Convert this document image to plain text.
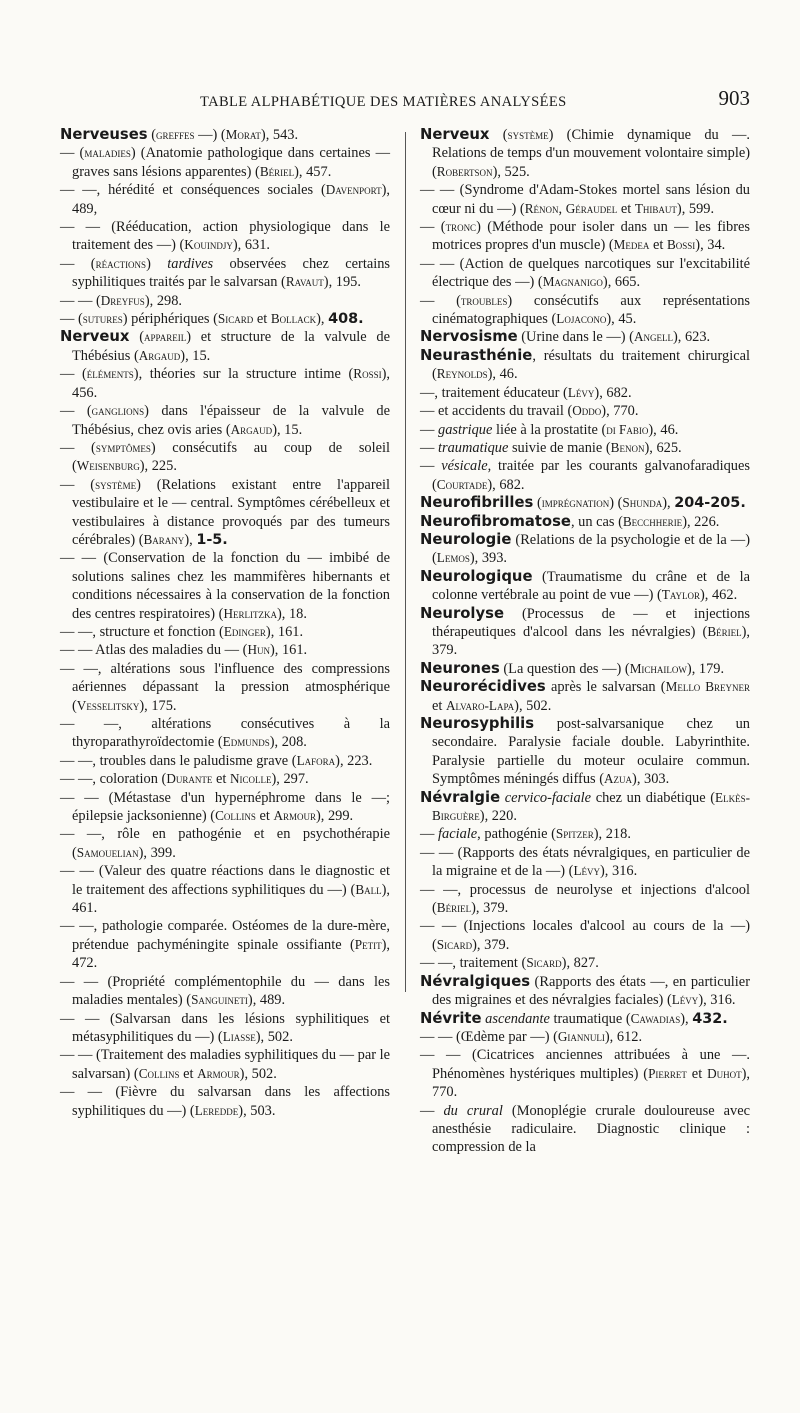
TABLE ALPHABÉTIQUE DES MATIÈRES ANALYSÉES	903
Nerveuses (greffes —) (Morat), 543.
— (maladies) (Anatomie pathologique dans certaines — graves sans lésions apparentes) (Bériel), 457.
— —, hérédité et conséquences sociales (Davenport), 489,
— — (Rééducation, action physiologique dans le traitement des —) (Kouindjy), 631.
— (réactions) tardives observées chez certains syphilitiques traités par le salvarsan (Ravaut), 195.
— — (Dreyfus), 298.
— (sutures) périphériques (Sicard et Bollack), 408.
Nerveux (appareil) et structure de la valvule de Thébésius (Argaud), 15.
— (éléments), théories sur la structure intime (Rossi), 456.
— (ganglions) dans l'épaisseur de la valvule de Thébésius, chez ovis aries (Argaud), 15.
— (symptômes) consécutifs au coup de soleil (Weisenburg), 225.
— (système) (Relations existant entre l'appareil vestibulaire et le — central. Symptômes cérébelleux et vestibulaires à distance provoqués par des tumeurs cérébrales) (Barany), 1-5.
— — (Conservation de la fonction du — imbibé de solutions salines chez les mammifères hibernants et conditions nécessaires à la conservation de la fonction des centres respiratoires) (Herlitzka), 18.
— —, structure et fonction (Edinger), 161.
— — Atlas des maladies du — (Hun), 161.
— —, altérations sous l'influence des compressions aériennes dépassant la pression atmosphérique (Vesselitsky), 175.
— —, altérations consécutives à la thyroparathyroïdectomie (Edmunds), 208.
— —, troubles dans le paludisme grave (Lafora), 223.
— —, coloration (Durante et Nicolle), 297.
— — (Métastase d'un hypernéphrome dans le —; épilepsie jacksonienne) (Collins et Armour), 299.
— —, rôle en pathogénie et en psychothérapie (Samouelian), 399.
— — (Valeur des quatre réactions dans le diagnostic et le traitement des affections syphilitiques du —) (Ball), 461.
— —, pathologie comparée. Ostéomes de la dure-mère, prétendue pachyméningite spinale ossifiante (Petit), 472.
— — (Propriété complémentophile du — dans les maladies mentales) (Sanguineti), 489.
— — (Salvarsan dans les lésions syphilitiques et métasyphilitiques du —) (Liasse), 502.
— — (Traitement des maladies syphilitiques du — par le salvarsan) (Collins et Armour), 502.
— — (Fièvre du salvarsan dans les affections syphilitiques du —) (Leredde), 503.
Nerveux (système) (Chimie dynamique du —. Relations de temps d'un mouvement volontaire simple) (Robertson), 525.
— — (Syndrome d'Adam-Stokes mortel sans lésion du cœur ni du —) (Rénon, Géraudel et Thibaut), 599.
— (tronc) (Méthode pour isoler dans un — les fibres motrices propres d'un muscle) (Medea et Bossi), 34.
— — (Action de quelques narcotiques sur l'excitabilité électrique des —) (Magnanigo), 665.
— (troubles) consécutifs aux représentations cinématographiques (Lojacono), 45.
Nervosisme (Urine dans le —) (Angell), 623.
Neurasthénie, résultats du traitement chirurgical (Reynolds), 46.
—, traitement éducateur (Lévy), 682.
— et accidents du travail (Oddo), 770.
— gastrique liée à la prostatite (di Fabio), 46.
— traumatique suivie de manie (Benon), 625.
— vésicale, traitée par les courants galvanofaradiques (Courtade), 682.
Neurofibrilles (imprégnation) (Shunda), 204-205.
Neurofibromatose, un cas (Becchherie), 226.
Neurologie (Relations de la psychologie et de la —) (Lemos), 393.
Neurologique (Traumatisme du crâne et de la colonne vertébrale au point de vue —) (Taylor), 462.
Neurolyse (Processus de — et injections thérapeutiques d'alcool dans les névralgies) (Bériel), 379.
Neurones (La question des —) (Michailow), 179.
Neurorécidives après le salvarsan (Mello Breyner et Alvaro-Lapa), 502.
Neurosyphilis post-salvarsanique chez un secondaire. Paralysie faciale double. Labyrinthite. Paralysie partielle du moteur oculaire commun. Symptômes méningés diffus (Azua), 303.
Névralgie cervico-faciale chez un diabétique (Elkès-Birguère), 220.
— faciale, pathogénie (Spitzer), 218.
— — (Rapports des états névralgiques, en particulier de la migraine et de la —) (Lévy), 316.
— —, processus de neurolyse et injections d'alcool (Bériel), 379.
— — (Injections locales d'alcool au cours de la —) (Sicard), 379.
— —, traitement (Sicard), 827.
Névralgiques (Rapports des états —, en particulier des migraines et des névralgies faciales) (Lévy), 316.
Névrite ascendante traumatique (Cawadias), 432.
— — (Œdème par —) (Giannuli), 612.
— — (Cicatrices anciennes attribuées à une —. Phénomènes hystériques multiples) (Pierret et Duhot), 770.
— du crural (Monoplégie crurale douloureuse avec anesthésie radiculaire. Diagnostic clinique : compression de la
